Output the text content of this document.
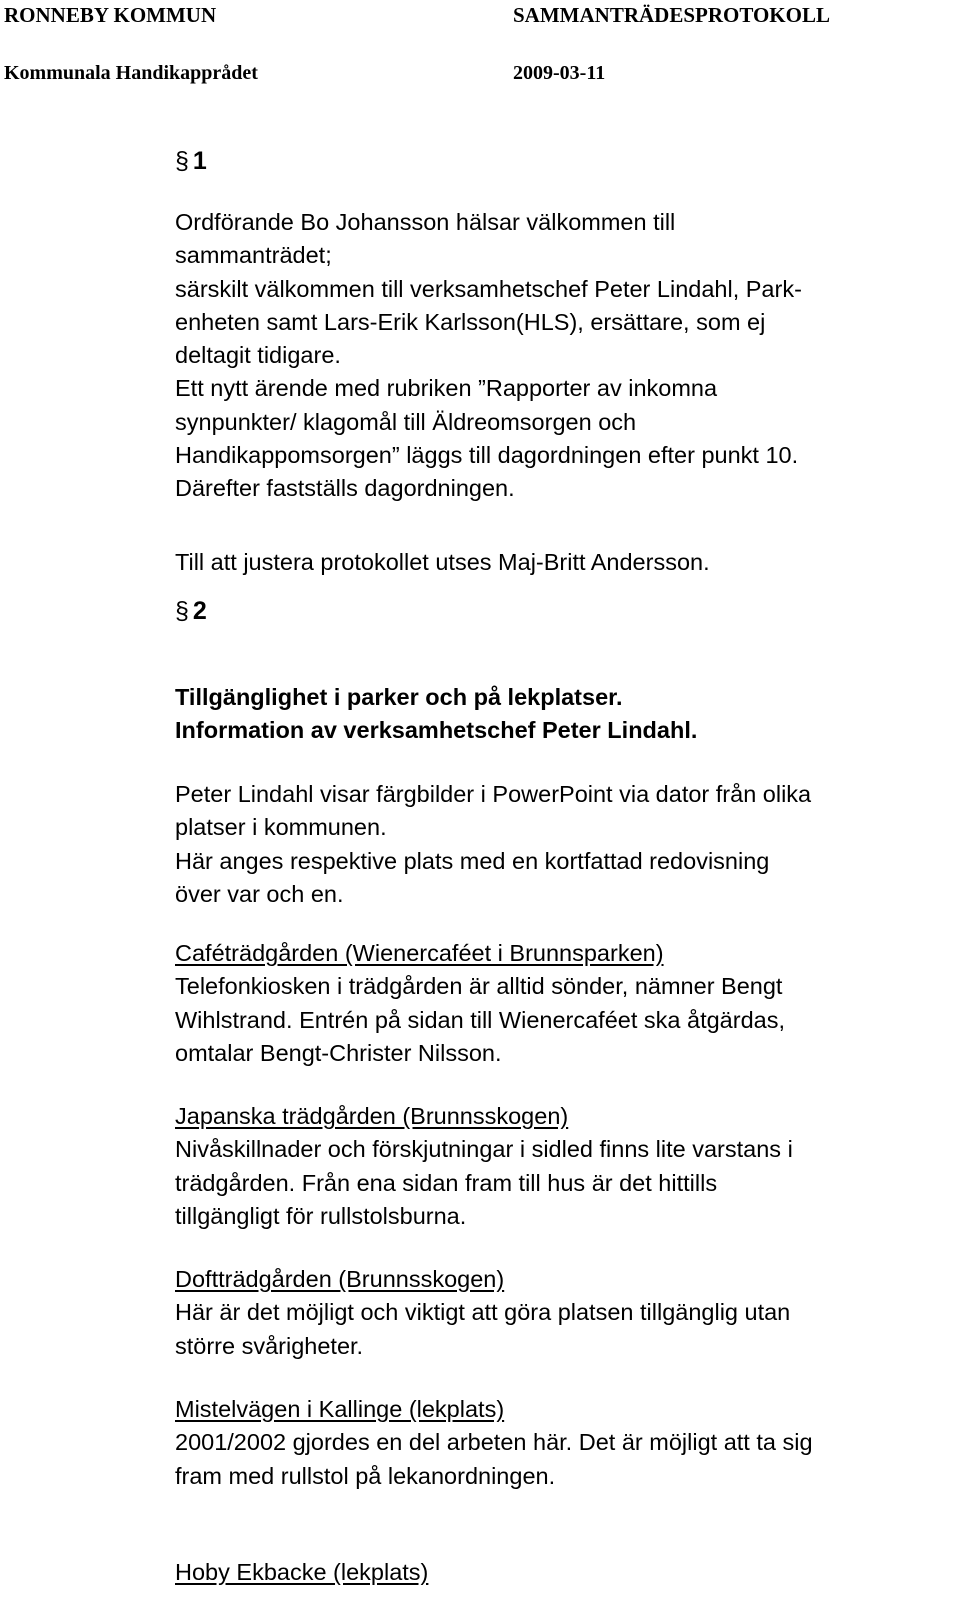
RONNEBY KOMMUN	SAMMANTRÄDESPROTOKOLL
Kommunala Handikapprådet	2009-03-11
§ 1
Ordförande Bo Johansson hälsar välkommen till
sammanträdet;
särskilt välkommen till verksamhetschef Peter Lindahl, Park-
enheten samt Lars-Erik Karlsson(HLS), ersättare, som ej
deltagit tidigare.
Ett nytt ärende med rubriken ”Rapporter av inkomna
synpunkter/ klagomål till Äldreomsorgen och
Handikappomsorgen” läggs till dagordningen efter punkt 10.
Därefter fastställs dagordningen.
Till att justera protokollet utses Maj-Britt Andersson.
§ 2
Tillgänglighet i parker och på lekplatser.
Information av verksamhetschef Peter Lindahl.
Peter Lindahl visar färgbilder i PowerPoint via dator från olika
platser i kommunen.
Här anges respektive plats med en kortfattad redovisning
över var och en.
Caféträdgården (Wienercaféet i Brunnsparken)
Telefonkiosken i trädgården är alltid sönder, nämner Bengt
Wihlstrand. Entrén på sidan till Wienercaféet ska åtgärdas,
omtalar Bengt-Christer Nilsson.
Japanska trädgården (Brunnsskogen)
Nivåskillnader och förskjutningar i sidled finns lite varstans i
trädgården. Från ena sidan fram till hus är det hittills
tillgängligt för rullstolsburna.
Doftträdgården (Brunnsskogen)
Här är det möjligt och viktigt att göra platsen tillgänglig utan
större svårigheter.
Mistelvägen i Kallinge (lekplats)
2001/2002 gjordes en del arbeten här. Det är möjligt att ta sig
fram med rullstol på lekanordningen.
Hoby Ekbacke (lekplats)
